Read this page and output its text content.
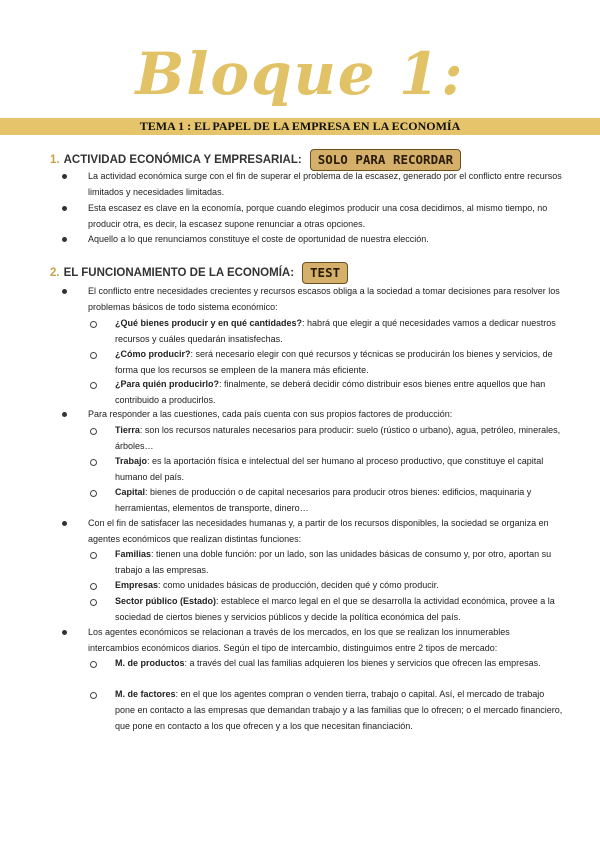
Bloque 1:
TEMA 1 : EL PAPEL DE LA EMPRESA EN LA ECONOMÍA
1. ACTIVIDAD ECONÓMICA Y EMPRESARIAL:	SOLO PARA RECORDAR
La actividad económica surge con el fin de superar el problema de la escasez, generado por el conflicto entre recursos limitados y necesidades limitadas.
Esta escasez es clave en la economía, porque cuando elegimos producir una cosa decidimos, al mismo tiempo, no producir otra, es decir, la escasez supone renunciar a otras opciones.
Aquello a lo que renunciamos constituye el coste de oportunidad de nuestra elección.
2. EL FUNCIONAMIENTO DE LA ECONOMÍA:	TEST
El conflicto entre necesidades crecientes y recursos escasos obliga a la sociedad a tomar decisiones para resolver los problemas básicos de todo sistema económico:
¿Qué bienes producir y en qué cantidades?: habrá que elegir a qué necesidades vamos a dedicar nuestros recursos y cuáles quedarán insatisfechas.
¿Cómo producir?: será necesario elegir con qué recursos y técnicas se producirán los bienes y servicios, de forma que los recursos se empleen de la manera más eficiente.
¿Para quién producirlo?: finalmente, se deberá decidir cómo distribuir esos bienes entre aquellos que han contribuido a producirlos.
Para responder a las cuestiones, cada país cuenta con sus propios factores de producción:
Tierra: son los recursos naturales necesarios para producir: suelo (rústico o urbano), agua, petróleo, minerales, árboles…
Trabajo: es la aportación física e intelectual del ser humano al proceso productivo, que constituye el capital humano del país.
Capital: bienes de producción o de capital necesarios para producir otros bienes: edificios, maquinaria y herramientas, elementos de transporte, dinero…
Con el fin de satisfacer las necesidades humanas y, a partir de los recursos disponibles, la sociedad se organiza en agentes económicos que realizan distintas funciones:
Familias: tienen una doble función: por un lado, son las unidades básicas de consumo y, por otro, aportan su trabajo a las empresas.
Empresas: como unidades básicas de producción, deciden qué y cómo producir.
Sector público (Estado): establece el marco legal en el que se desarrolla la actividad económica, provee a la sociedad de ciertos bienes y servicios públicos y decide la política económica del país.
Los agentes económicos se relacionan a través de los mercados, en los que se realizan los innumerables intercambios económicos diarios. Según el tipo de intercambio, distinguimos entre 2 tipos de mercado:
M. de productos: a través del cual las familias adquieren los bienes y servicios que ofrecen las empresas.
M. de factores: en el que los agentes compran o venden tierra, trabajo o capital. Así, el mercado de trabajo pone en contacto a las empresas que demandan trabajo y a las familias que lo ofrecen; o el mercado financiero, que pone en contacto a los que ofrecen y a los que necesitan financiación.
